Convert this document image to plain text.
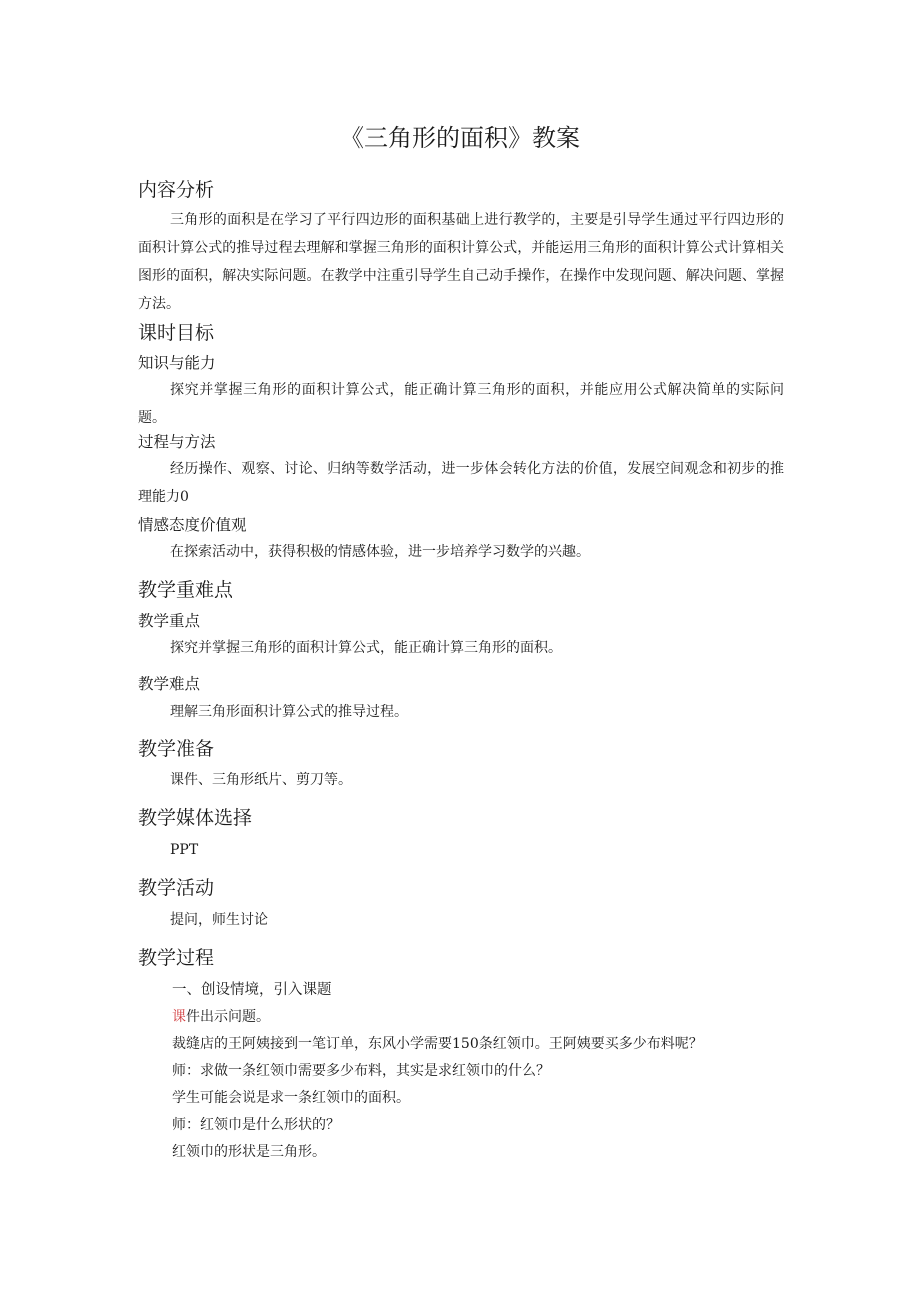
《三角形的面积》教案
内容分析
三角形的面积是在学习了平行四边形的面积基础上进行教学的，主要是引导学生通过平行四边形的面积计算公式的推导过程去理解和掌握三角形的面积计算公式，并能运用三角形的面积计算公式计算相关图形的面积，解决实际问题。在教学中注重引导学生自己动手操作，在操作中发现问题、解决问题、掌握方法。
课时目标
知识与能力
探究并掌握三角形的面积计算公式，能正确计算三角形的面积，并能应用公式解决简单的实际问题。
过程与方法
经历操作、观察、讨论、归纳等数学活动，进一步体会转化方法的价值，发展空间观念和初步的推理能力0
情感态度价值观
在探索活动中，获得积极的情感体验，进一步培养学习数学的兴趣。
教学重难点
教学重点
探究并掌握三角形的面积计算公式，能正确计算三角形的面积。
教学难点
理解三角形面积计算公式的推导过程。
教学准备
课件、三角形纸片、剪刀等。
教学媒体选择
PPT
教学活动
提问，师生讨论
教学过程
一、创设情境，引入课题
课件出示问题。
裁缝店的王阿姨接到一笔订单，东风小学需要150条红领巾。王阿姨要买多少布料呢？
师：求做一条红领巾需要多少布料，其实是求红领巾的什么？
学生可能会说是求一条红领巾的面积。
师：红领巾是什么形状的？
红领巾的形状是三角形。
